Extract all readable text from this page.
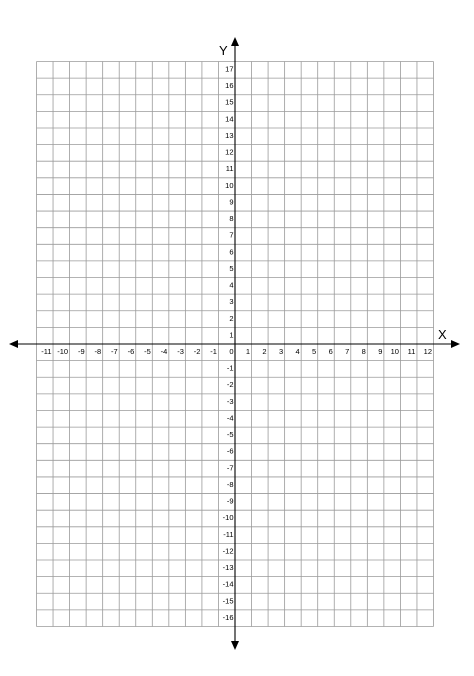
-11 -10 -9 -8 -7 -6 -5 -4 -3 -2 -1 0 1 2 3 4 5 6 7 8 9 10 11 12
17
16
15
14
13
12
11
10
9
8
7
6
5
4
3
2
1
-1
-2
-3
-4
-5
-6
-7
-8
-9
-10
-11
-12
-13
-14
-15
-16
X
Y
